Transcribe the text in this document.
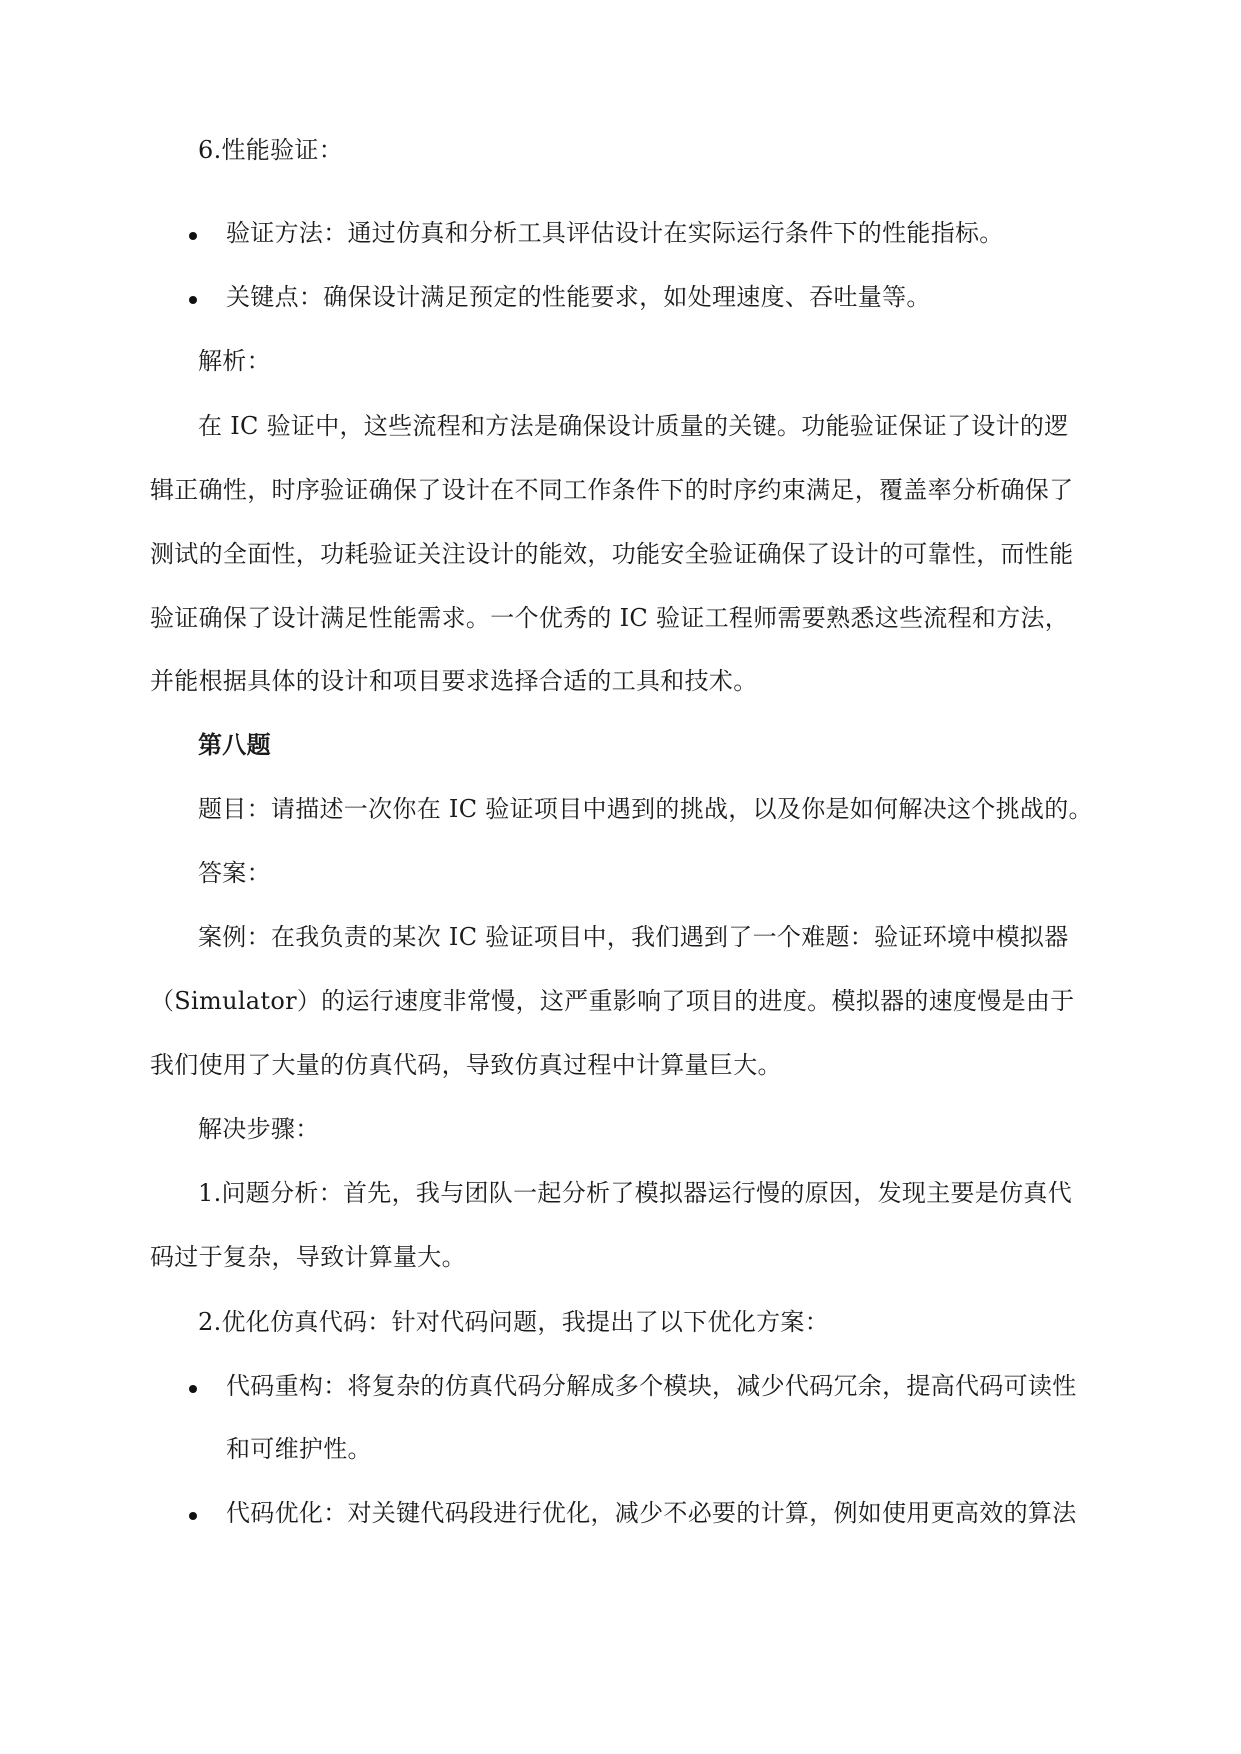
6.性能验证：
验证方法：通过仿真和分析工具评估设计在实际运行条件下的性能指标。
关键点：确保设计满足预定的性能要求，如处理速度、吞吐量等。
解析：
在 IC 验证中，这些流程和方法是确保设计质量的关键。功能验证保证了设计的逻
辑正确性，时序验证确保了设计在不同工作条件下的时序约束满足，覆盖率分析确保了
测试的全面性，功耗验证关注设计的能效，功能安全验证确保了设计的可靠性，而性能
验证确保了设计满足性能需求。一个优秀的 IC 验证工程师需要熟悉这些流程和方法，
并能根据具体的设计和项目要求选择合适的工具和技术。
第八题
题目：请描述一次你在 IC 验证项目中遇到的挑战，以及你是如何解决这个挑战的。
答案：
案例：在我负责的某次 IC 验证项目中，我们遇到了一个难题：验证环境中模拟器
（Simulator）的运行速度非常慢，这严重影响了项目的进度。模拟器的速度慢是由于
我们使用了大量的仿真代码，导致仿真过程中计算量巨大。
解决步骤：
1.问题分析：首先，我与团队一起分析了模拟器运行慢的原因，发现主要是仿真代
码过于复杂，导致计算量大。
2.优化仿真代码：针对代码问题，我提出了以下优化方案：
代码重构：将复杂的仿真代码分解成多个模块，减少代码冗余，提高代码可读性
和可维护性。
代码优化：对关键代码段进行优化，减少不必要的计算，例如使用更高效的算法
